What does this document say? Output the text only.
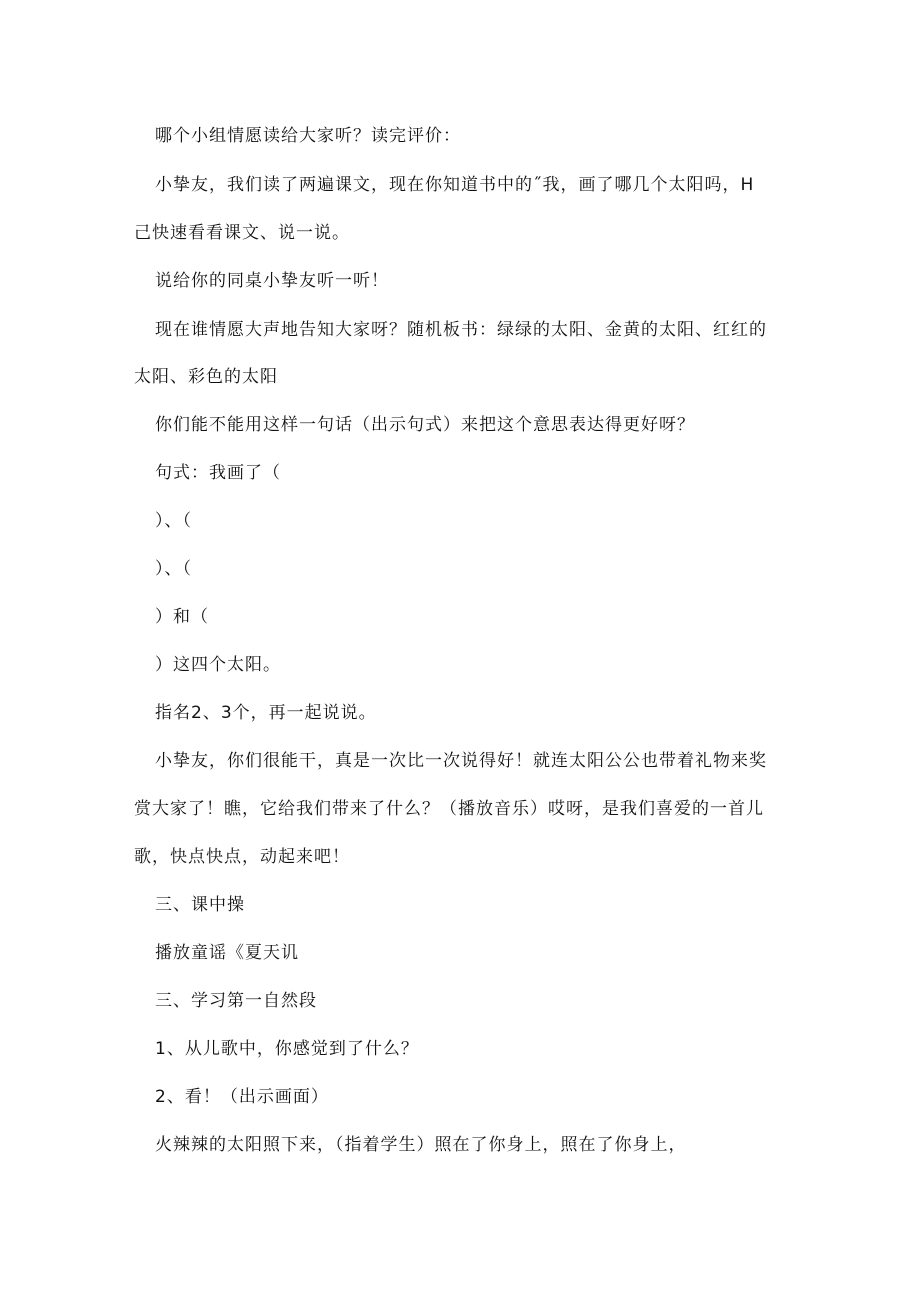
哪个小组情愿读给大家听？读完评价：
小挚友，我们读了两遍课文，现在你知道书中的˝我，画了哪几个太阳吗，H
己快速看看课文、说一说。
说给你的同桌小挚友听一听！
现在谁情愿大声地告知大家呀？随机板书：绿绿的太阳、金黄的太阳、红红的
太阳、彩色的太阳
你们能不能用这样一句话（出示句式）来把这个意思表达得更好呀？
句式：我画了（
）、（
）、（
）和（
）这四个太阳。
指名2、3个，再一起说说。
小挚友，你们很能干，真是一次比一次说得好！就连太阳公公也带着礼物来奖
赏大家了！瞧，它给我们带来了什么？（播放音乐）哎呀，是我们喜爱的一首儿
歌，快点快点，动起来吧！
三、课中操
播放童谣《夏天讥
三、学习第一自然段
1、从儿歌中，你感觉到了什么？
2、看！（出示画面）
火辣辣的太阳照下来，（指着学生）照在了你身上，照在了你身上，
